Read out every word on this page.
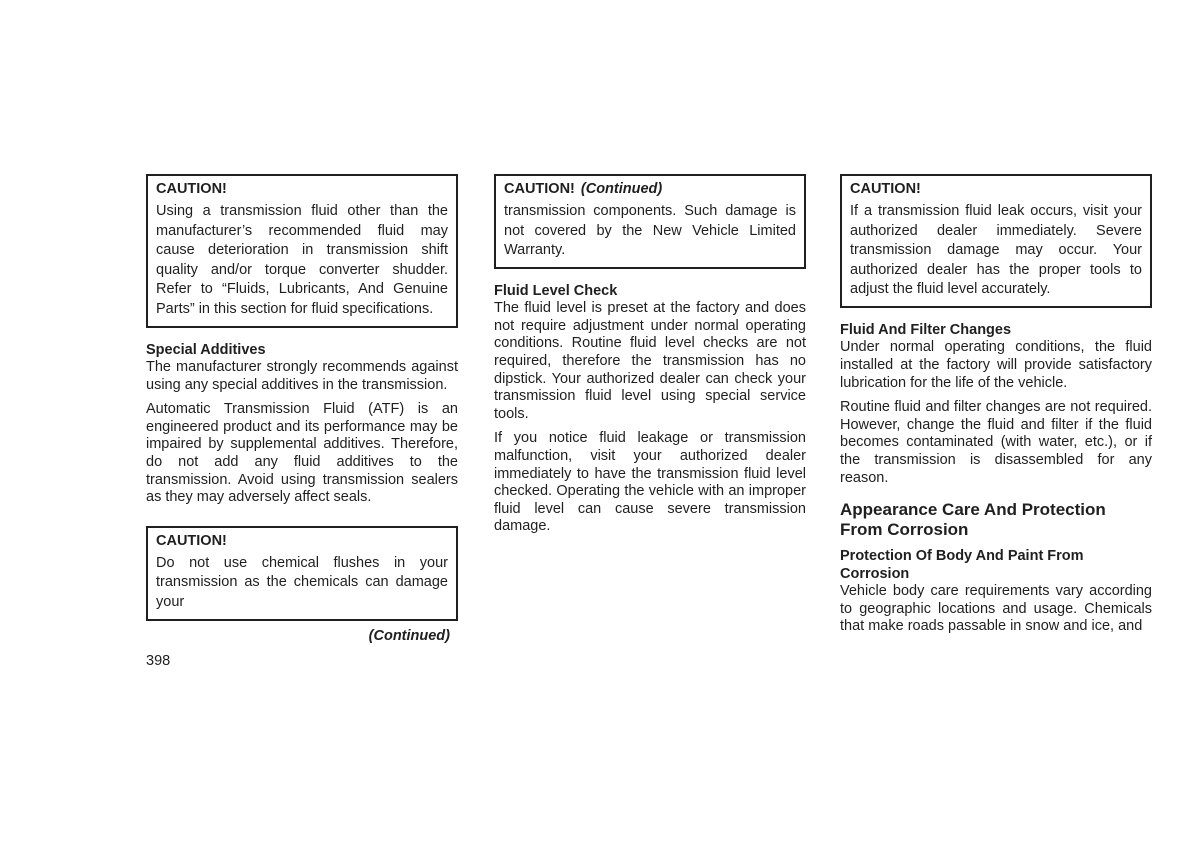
CAUTION!
Using a transmission fluid other than the manufacturer’s recommended fluid may cause deterioration in transmission shift quality and/or torque converter shudder. Refer to “Fluids, Lubricants, And Genuine Parts” in this section for fluid specifications.
Special Additives

The manufacturer strongly recommends against using any special additives in the transmission.

Automatic Transmission Fluid (ATF) is an engineered product and its performance may be impaired by supplemental additives. Therefore, do not add any fluid additives to the transmission. Avoid using transmission sealers as they may adversely affect seals.

CAUTION!
Do not use chemical flushes in your transmission as the chemicals can damage your
(Continued)
CAUTION! (Continued)
transmission components. Such damage is not covered by the New Vehicle Limited Warranty.
Fluid Level Check

The fluid level is preset at the factory and does not require adjustment under normal operating conditions. Routine fluid level checks are not required, therefore the transmission has no dipstick. Your authorized dealer can check your transmission fluid level using special service tools.

If you notice fluid leakage or transmission malfunction, visit your authorized dealer immediately to have the transmission fluid level checked. Operating the vehicle with an improper fluid level can cause severe transmission damage.

CAUTION!
If a transmission fluid leak occurs, visit your authorized dealer immediately. Severe transmission damage may occur. Your authorized dealer has the proper tools to adjust the fluid level accurately.
Fluid And Filter Changes

Under normal operating conditions, the fluid installed at the factory will provide satisfactory lubrication for the life of the vehicle.

Routine fluid and filter changes are not required. However, change the fluid and filter if the fluid becomes contaminated (with water, etc.), or if the transmission is disassembled for any reason.

Appearance Care And Protection From Corrosion
Protection Of Body And Paint From Corrosion

Vehicle body care requirements vary according to geographic locations and usage. Chemicals that make roads passable in snow and ice, and

398
